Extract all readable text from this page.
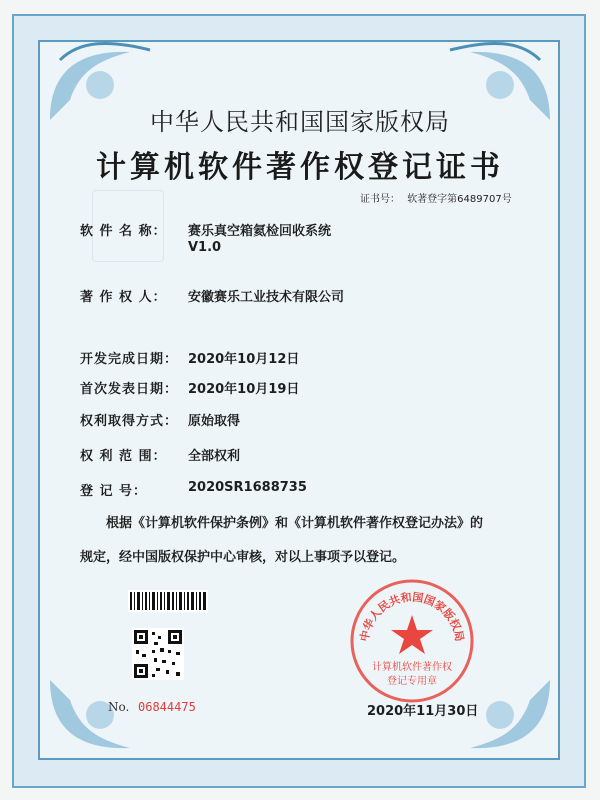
中华人民共和国国家版权局
计算机软件著作权登记证书
证书号： 软著登字第6489707号
软 件 名 称： 赛乐真空箱氦检回收系统
V1.0
著 作 权 人： 安徽赛乐工业技术有限公司
开发完成日期： 2020年10月12日
首次发表日期： 2020年10月19日
权利取得方式： 原始取得
权 利 范 围： 全部权利
登 记 号：	2020SR1688735
根据《计算机软件保护条例》和《计算机软件著作权登记办法》的
规定，经中国版权保护中心审核，对以上事项予以登记。
中华人民共和国国家版权局
计算机软件著作权
登记专用章
No. 06844475	2020年11月30日
